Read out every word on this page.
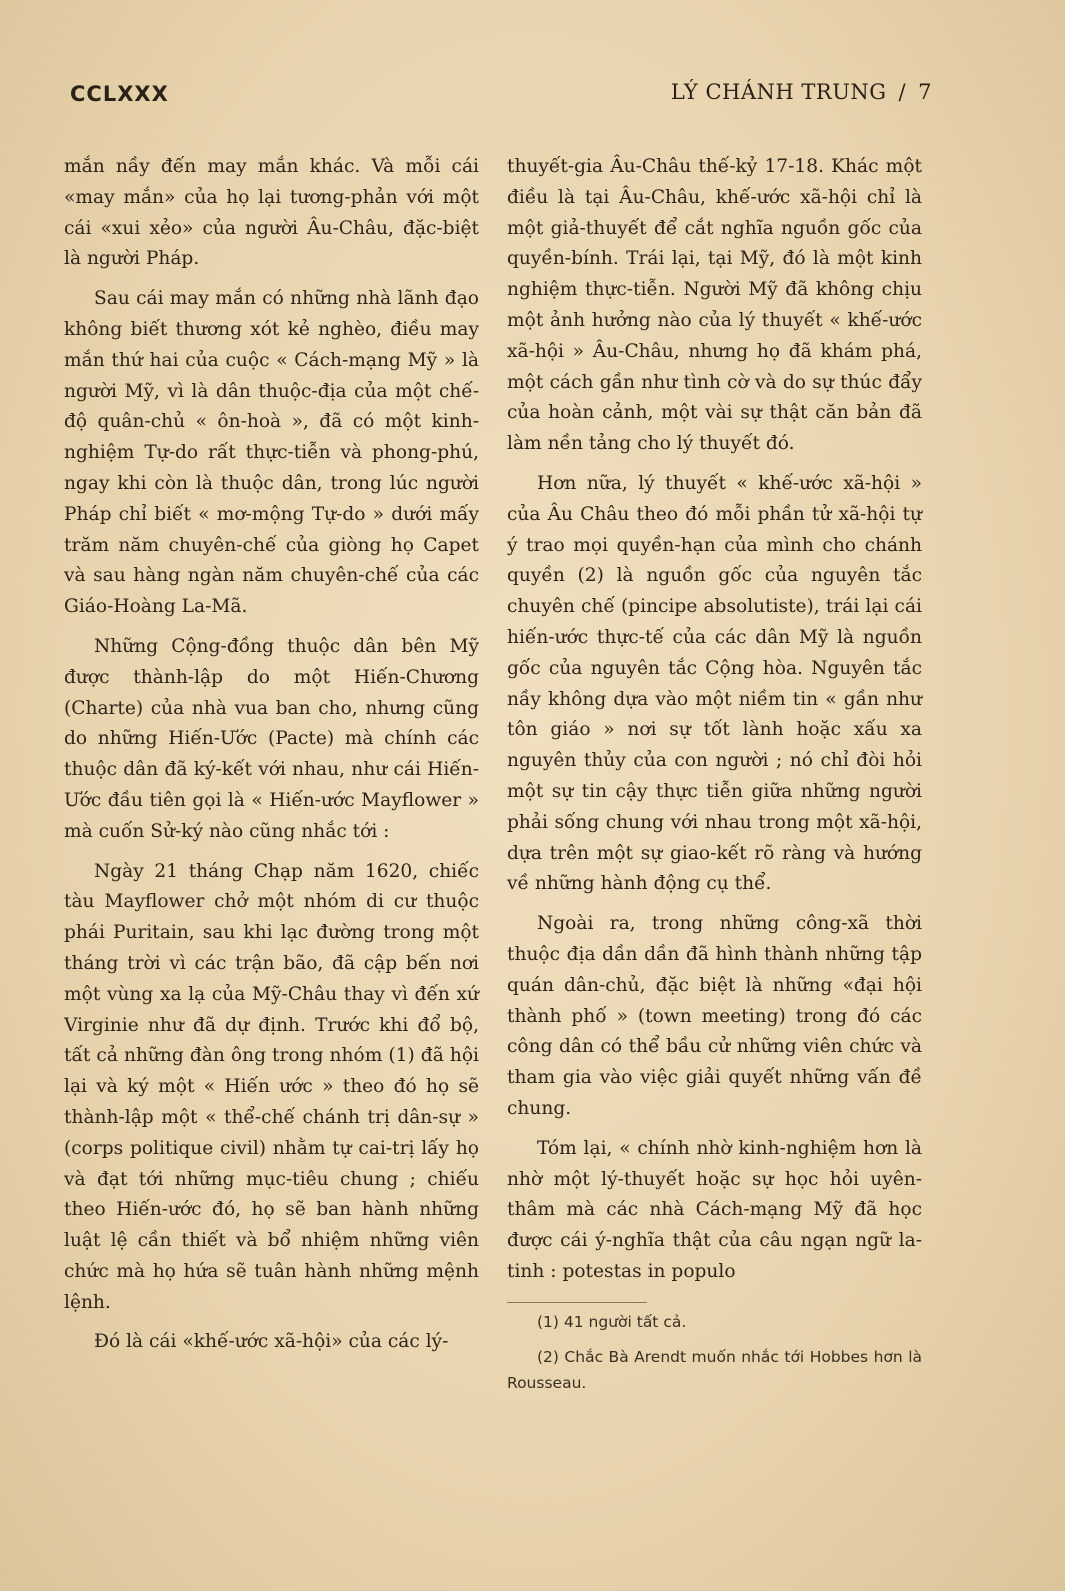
CCLXXX	LÝ CHÁNH TRUNG / 7

mắn nầy đến may mắn khác. Và mỗi cái «may mắn» của họ lại tương-phản với một cái «xui xẻo» của người Âu-Châu, đặc-biệt là người Pháp.

Sau cái may mắn có những nhà lãnh đạo không biết thương xót kẻ nghèo, điều may mắn thứ hai của cuộc « Cách-mạng Mỹ » là người Mỹ, vì là dân thuộc-địa của một chế-độ quân-chủ « ôn-hoà », đã có một kinh-nghiệm Tự-do rất thực-tiễn và phong-phú, ngay khi còn là thuộc dân, trong lúc người Pháp chỉ biết « mơ-mộng Tự-do » dưới mấy trăm năm chuyên-chế của giòng họ Capet và sau hàng ngàn năm chuyên-chế của các Giáo-Hoàng La-Mã.

Những Cộng-đồng thuộc dân bên Mỹ được thành-lập do một Hiến-Chương (Charte) của nhà vua ban cho, nhưng cũng do những Hiến-Ước (Pacte) mà chính các thuộc dân đã ký-kết với nhau, như cái Hiến-Ước đầu tiên gọi là « Hiến-ước Mayflower » mà cuốn Sử-ký nào cũng nhắc tới :

Ngày 21 tháng Chạp năm 1620, chiếc tàu Mayflower chở một nhóm di cư thuộc phái Puritain, sau khi lạc đường trong một tháng trời vì các trận bão, đã cập bến nơi một vùng xa lạ của Mỹ-Châu thay vì đến xứ Virginie như đã dự định. Trước khi đổ bộ, tất cả những đàn ông trong nhóm (1) đã hội lại và ký một « Hiến ước » theo đó họ sẽ thành-lập một « thể-chế chánh trị dân-sự » (corps politique civil) nhằm tự cai-trị lấy họ và đạt tới những mục-tiêu chung ; chiếu theo Hiến-ước đó, họ sẽ ban hành những luật lệ cần thiết và bổ nhiệm những viên chức mà họ hứa sẽ tuân hành những mệnh lệnh.

Đó là cái «khế-ước xã-hội» của các lý-

thuyết-gia Âu-Châu thế-kỷ 17-18. Khác một điều là tại Âu-Châu, khế-ước xã-hội chỉ là một giả-thuyết để cắt nghĩa nguồn gốc của quyền-bính. Trái lại, tại Mỹ, đó là một kinh nghiệm thực-tiễn. Người Mỹ đã không chịu một ảnh hưởng nào của lý thuyết « khế-ước xã-hội » Âu-Châu, nhưng họ đã khám phá, một cách gần như tình cờ và do sự thúc đẩy của hoàn cảnh, một vài sự thật căn bản đã làm nền tảng cho lý thuyết đó.

Hơn nữa, lý thuyết « khế-ước xã-hội » của Âu Châu theo đó mỗi phần tử xã-hội tự ý trao mọi quyền-hạn của mình cho chánh quyền (2) là nguồn gốc của nguyên tắc chuyên chế (pincipe absolutiste), trái lại cái hiến-ước thực-tế của các dân Mỹ là nguồn gốc của nguyên tắc Cộng hòa. Nguyên tắc nầy không dựa vào một niềm tin « gần như tôn giáo » nơi sự tốt lành hoặc xấu xa nguyên thủy của con người ; nó chỉ đòi hỏi một sự tin cậy thực tiễn giữa những người phải sống chung với nhau trong một xã-hội, dựa trên một sự giao-kết rõ ràng và hướng về những hành động cụ thể.

Ngoài ra, trong những công-xã thời thuộc địa dần dần đã hình thành những tập quán dân-chủ, đặc biệt là những «đại hội thành phố » (town meeting) trong đó các công dân có thể bầu cử những viên chức và tham gia vào việc giải quyết những vấn đề chung.

Tóm lại, « chính nhờ kinh-nghiệm hơn là nhờ một lý-thuyết hoặc sự học hỏi uyên-thâm mà các nhà Cách-mạng Mỹ đã học được cái ý-nghĩa thật của câu ngạn ngữ la-tinh : potestas in populo

(1) 41 người tất cả.

(2) Chắc Bà Arendt muốn nhắc tới Hobbes hơn là Rousseau.
